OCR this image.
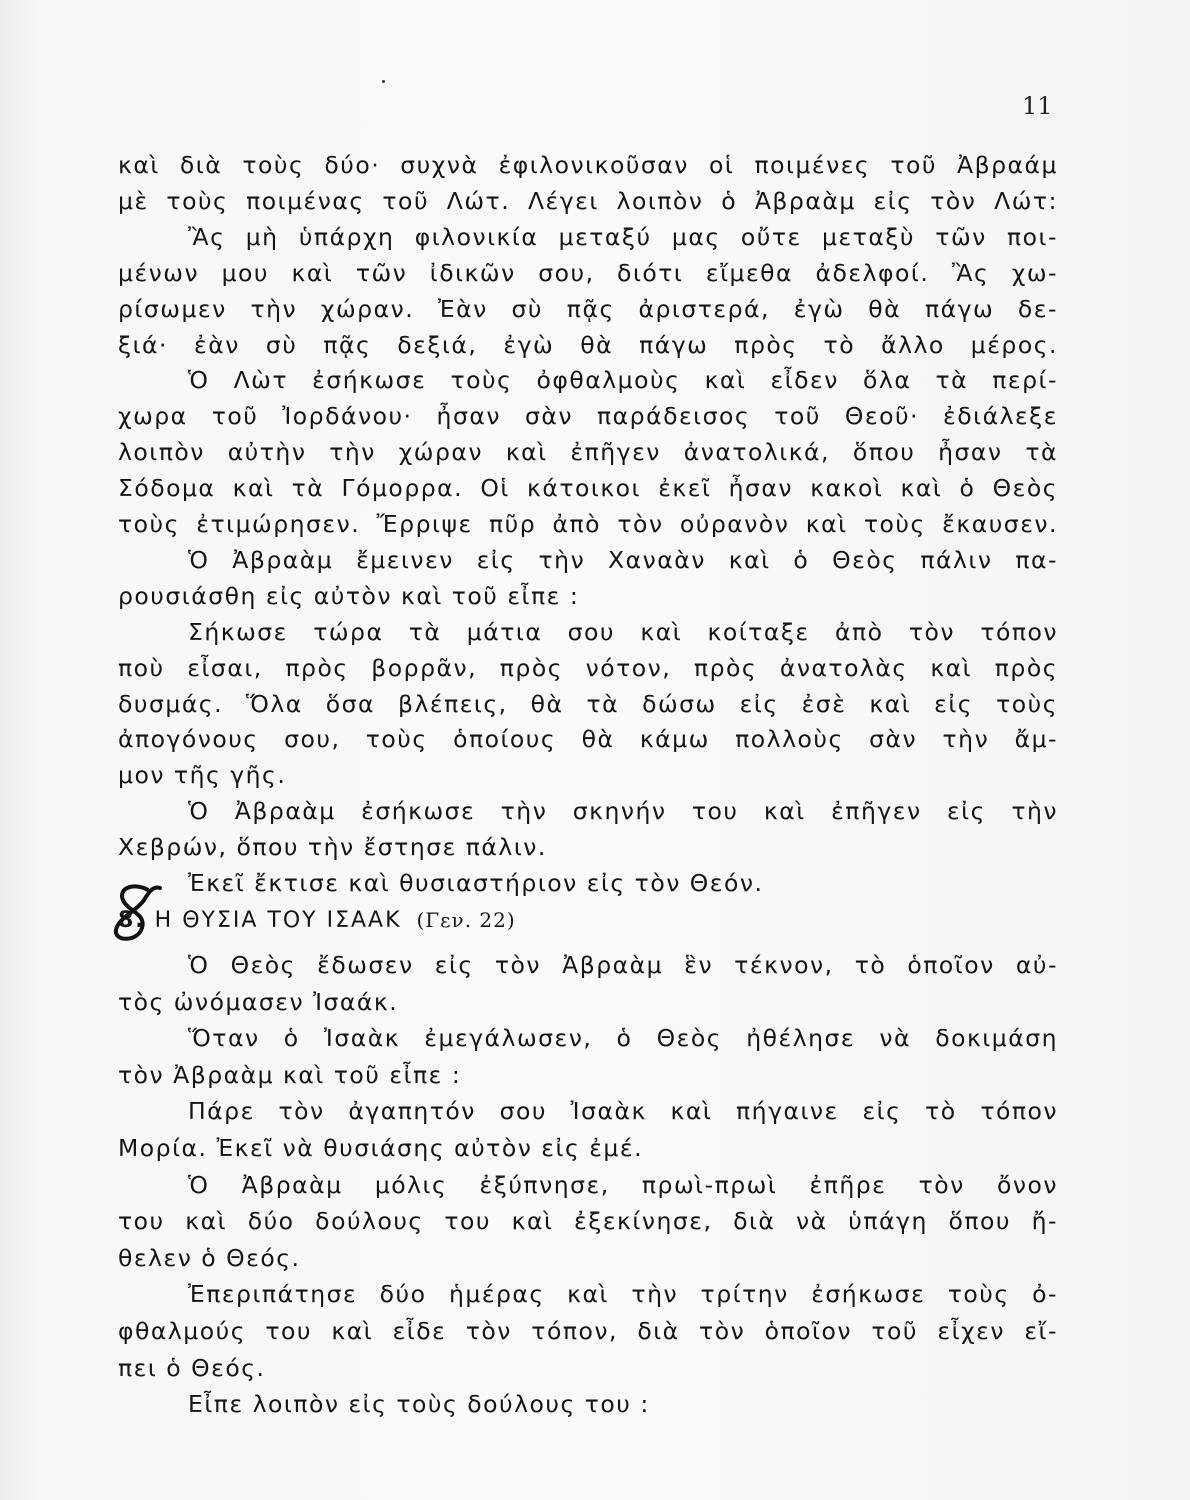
11
καὶ διὰ τοὺς δύο· συχνὰ ἐφιλονικοῦσαν οἱ ποιμένες τοῦ Ἀβραάμ
μὲ τοὺς ποιμένας τοῦ Λώτ. Λέγει λοιπὸν ὁ Ἀβραὰμ εἰς τὸν Λώτ:
Ἂς μὴ ὑπάρχη φιλονικία μεταξύ μας οὔτε μεταξὺ τῶν ποι-
μένων μου καὶ τῶν ἰδικῶν σου, διότι εἴμεθα ἀδελφοί. Ἂς χω-
ρίσωμεν τὴν χώραν. Ἐὰν σὺ πᾷς ἀριστερά, ἐγὼ θὰ πάγω δε-
ξιά· ἐὰν σὺ πᾷς δεξιά, ἐγὼ θὰ πάγω πρὸς τὸ ἄλλο μέρος.
Ὁ Λὼτ ἐσήκωσε τοὺς ὀφθαλμοὺς καὶ εἶδεν ὅλα τὰ περί-
χωρα τοῦ Ἰορδάνου· ἦσαν σὰν παράδεισος τοῦ Θεοῦ· ἐδιάλεξε
λοιπὸν αὐτὴν τὴν χώραν καὶ ἐπῆγεν ἀνατολικά, ὅπου ἦσαν τὰ
Σόδομα καὶ τὰ Γόμορρα. Οἱ κάτοικοι ἐκεῖ ἦσαν κακοὶ καὶ ὁ Θεὸς
τοὺς ἐτιμώρησεν. Ἔρριψε πῦρ ἀπὸ τὸν οὐρανὸν καὶ τοὺς ἔκαυσεν.
Ὁ Ἀβραὰμ ἔμεινεν εἰς τὴν Χαναὰν καὶ ὁ Θεὸς πάλιν πα-
ρουσιάσθη εἰς αὐτὸν καὶ τοῦ εἶπε :
Σήκωσε τώρα τὰ μάτια σου καὶ κοίταξε ἀπὸ τὸν τόπον
ποὺ εἶσαι, πρὸς βορρᾶν, πρὸς νότον, πρὸς ἀνατολὰς καὶ πρὸς
δυσμάς. Ὅλα ὅσα βλέπεις, θὰ τὰ δώσω εἰς ἐσὲ καὶ εἰς τοὺς
ἀπογόνους σου, τοὺς ὁποίους θὰ κάμω πολλοὺς σὰν τὴν ἄμ-
μον τῆς γῆς.
Ὁ Ἀβραὰμ ἐσήκωσε τὴν σκηνήν του καὶ ἐπῆγεν εἰς τὴν
Χεβρών, ὅπου τὴν ἔστησε πάλιν.
Ἐκεῖ ἔκτισε καὶ θυσιαστήριον εἰς τὸν Θεόν.
8. Η ΘΥΣΙΑ ΤΟΥ ΙΣΑΑΚ (Γεν. 22)
Ὁ Θεὸς ἔδωσεν εἰς τὸν Ἀβραὰμ ἓν τέκνον, τὸ ὁποῖον αὐ-
τὸς ὠνόμασεν Ἰσαάκ.
Ὅταν ὁ Ἰσαὰκ ἐμεγάλωσεν, ὁ Θεὸς ἠθέλησε νὰ δοκιμάση
τὸν Ἀβραὰμ καὶ τοῦ εἶπε :
Πάρε τὸν ἀγαπητόν σου Ἰσαὰκ καὶ πήγαινε εἰς τὸ τόπον
Μορία. Ἐκεῖ νὰ θυσιάσης αὐτὸν εἰς ἐμέ.
Ὁ Ἀβραὰμ μόλις ἐξύπνησε, πρωὶ-πρωὶ ἐπῆρε τὸν ὄνον
του καὶ δύο δούλους του καὶ ἐξεκίνησε, διὰ νὰ ὑπάγη ὅπου ἤ-
θελεν ὁ Θεός.
Ἐπεριπάτησε δύο ἡμέρας καὶ τὴν τρίτην ἐσήκωσε τοὺς ὀ-
φθαλμούς του καὶ εἶδε τὸν τόπον, διὰ τὸν ὁποῖον τοῦ εἶχεν εἴ-
πει ὁ Θεός.
Εἶπε λοιπὸν εἰς τοὺς δούλους του :
